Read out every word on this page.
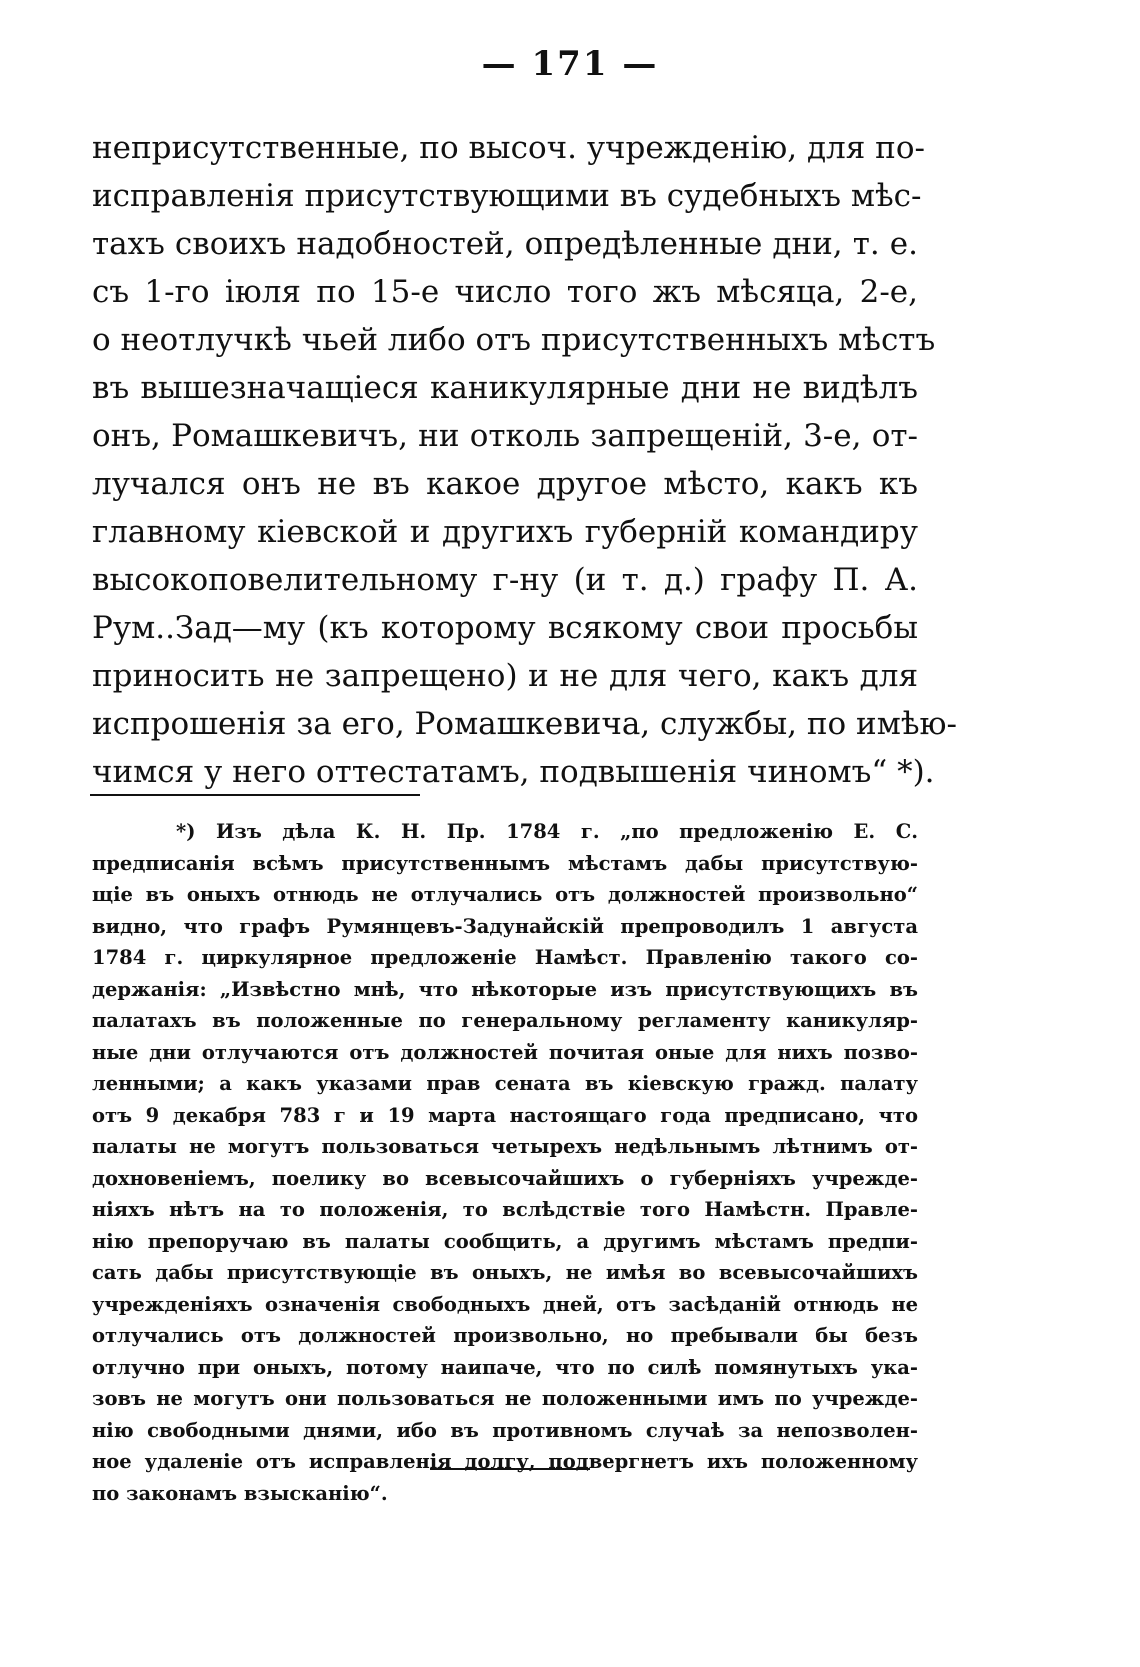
— 171 —
неприсутственные, по высоч. учрежденію, для по-
исправленія присутствующими въ судебныхъ мѣс-
тахъ своихъ надобностей, опредѣленные дни, т. е.
съ 1-го іюля по 15-е число того жъ мѣсяца, 2-е,
о неотлучкѣ чьей либо отъ присутственныхъ мѣстъ
въ вышезначащіеся каникулярные дни не видѣлъ
онъ, Ромашкевичъ, ни отколь запрещеній, 3-е, от-
лучался онъ не въ какое другое мѣсто, какъ къ
главному кіевской и другихъ губерній командиру
высокоповелительному г-ну (и т. д.) графу П. А.
Рум..Зад—му (къ которому всякому свои просьбы
приносить не запрещено) и не для чего, какъ для
испрошенія за его, Ромашкевича, службы, по имѣю-
чимся у него оттестатамъ, подвышенія чиномъ“ *).
*) Изъ дѣла К. Н. Пр. 1784 г. „по предложенію Е. С.
предписанія всѣмъ присутственнымъ мѣстамъ дабы присутствую-
щіе въ оныхъ отнюдь не отлучались отъ должностей произвольно“
видно, что графъ Румянцевъ-Задунайскій препроводилъ 1 августа
1784 г. циркулярное предложеніе Намѣст. Правленію такого со-
держанія: „Извѣстно мнѣ, что нѣкоторые изъ присутствующихъ въ
палатахъ въ положенные по генеральному регламенту каникуляр-
ные дни отлучаются отъ должностей почитая оные для нихъ позво-
ленными; а какъ указами прав сената въ кіевскую гражд. палату
отъ 9 декабря 783 г и 19 марта настоящаго года предписано, что
палаты не могутъ пользоваться четырехъ недѣльнымъ лѣтнимъ от-
дохновеніемъ, поелику во всевысочайшихъ о губерніяхъ учрежде-
ніяхъ нѣтъ на то положенія, то вслѣдствіе того Намѣстн. Правле-
нію препоручаю въ палаты сообщить, а другимъ мѣстамъ предпи-
сать дабы присутствующіе въ оныхъ, не имѣя во всевысочайшихъ
учрежденіяхъ означенія свободныхъ дней, отъ засѣданій отнюдь не
отлучались отъ должностей произвольно, но пребывали бы безъ
отлучно при оныхъ, потому наипаче, что по силѣ помянутыхъ ука-
зовъ не могутъ они пользоваться не положенными имъ по учрежде-
нію свободными днями, ибо въ противномъ случаѣ за непозволен-
ное удаленіе отъ исправленія долгу, подвергнетъ ихъ положенному
по законамъ взысканію“.
